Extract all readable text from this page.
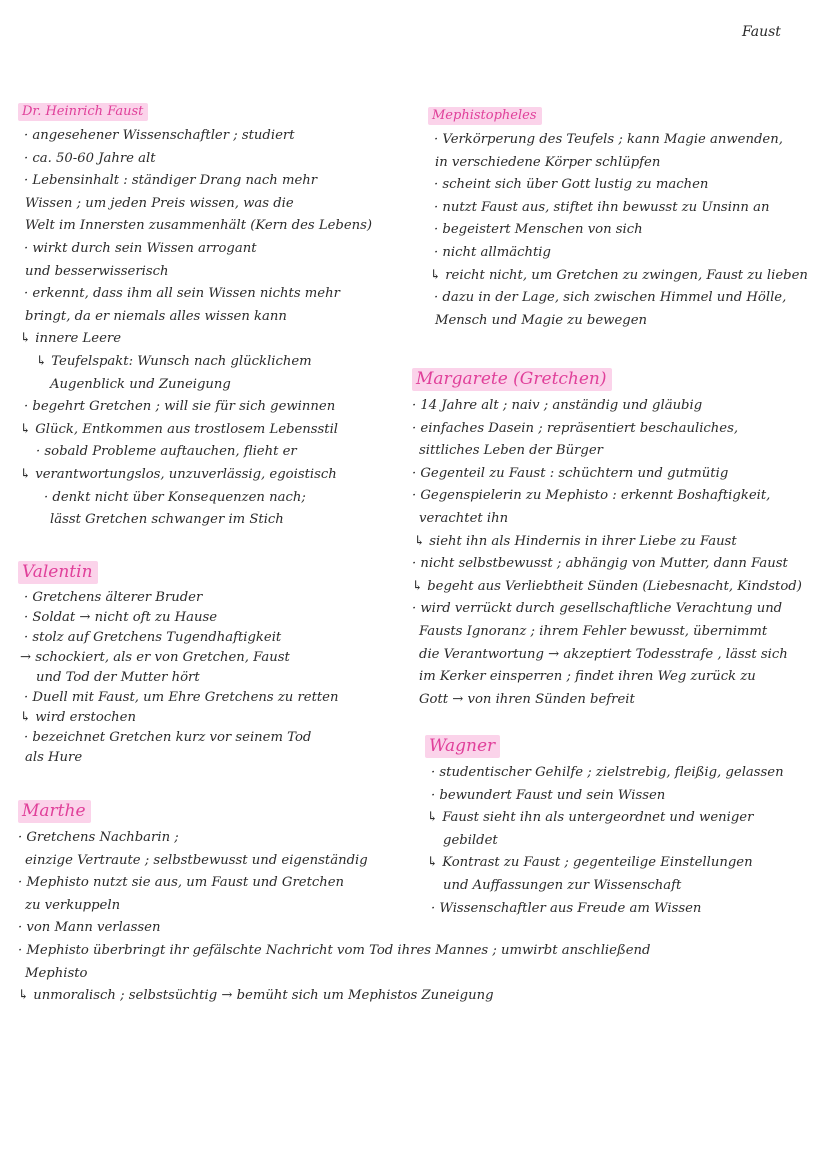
Faust
Dr. Heinrich Faust
· angesehener Wissenschaftler ; studiert
· ca. 50-60 Jahre alt
· Lebensinhalt : ständiger Drang nach mehr
Wissen ; um jeden Preis wissen, was die
Welt im Innersten zusammenhält (Kern des Lebens)
· wirkt durch sein Wissen arrogant
und besserwisserisch
· erkennt, dass ihm all sein Wissen nichts mehr
bringt, da er niemals alles wissen kann
↳ innere Leere
↳ Teufelspakt: Wunsch nach glücklichem
Augenblick und Zuneigung
· begehrt Gretchen ; will sie für sich gewinnen
↳ Glück, Entkommen aus trostlosem Lebensstil
· sobald Probleme auftauchen, flieht er
↳ verantwortungslos, unzuverlässig, egoistisch
· denkt nicht über Konsequenzen nach;
lässt Gretchen schwanger im Stich
Valentin
· Gretchens älterer Bruder
· Soldat → nicht oft zu Hause
· stolz auf Gretchens Tugendhaftigkeit
→ schockiert, als er von Gretchen, Faust
und Tod der Mutter hört
· Duell mit Faust, um Ehre Gretchens zu retten
↳ wird erstochen
· bezeichnet Gretchen kurz vor seinem Tod
als Hure
Marthe
· Gretchens Nachbarin ;
einzige Vertraute ; selbstbewusst und eigenständig
· Mephisto nutzt sie aus, um Faust und Gretchen
zu verkuppeln
· von Mann verlassen
· Mephisto überbringt ihr gefälschte Nachricht vom Tod ihres Mannes ; umwirbt anschließend
Mephisto
↳ unmoralisch ; selbstsüchtig → bemüht sich um Mephistos Zuneigung
Mephistopheles
· Verkörperung des Teufels ; kann Magie anwenden,
in verschiedene Körper schlüpfen
· scheint sich über Gott lustig zu machen
· nutzt Faust aus, stiftet ihn bewusst zu Unsinn an
· begeistert Menschen von sich
· nicht allmächtig
↳ reicht nicht, um Gretchen zu zwingen, Faust zu lieben
· dazu in der Lage, sich zwischen Himmel und Hölle,
Mensch und Magie zu bewegen
Margarete (Gretchen)
· 14 Jahre alt ; naiv ; anständig und gläubig
· einfaches Dasein ; repräsentiert beschauliches,
sittliches Leben der Bürger
· Gegenteil zu Faust : schüchtern und gutmütig
· Gegenspielerin zu Mephisto : erkennt Boshaftigkeit,
verachtet ihn
↳ sieht ihn als Hindernis in ihrer Liebe zu Faust
· nicht selbstbewusst ; abhängig von Mutter, dann Faust
↳ begeht aus Verliebtheit Sünden (Liebesnacht, Kindstod)
· wird verrückt durch gesellschaftliche Verachtung und
Fausts Ignoranz ; ihrem Fehler bewusst, übernimmt
die Verantwortung → akzeptiert Todesstrafe , lässt sich
im Kerker einsperren ; findet ihren Weg zurück zu
Gott → von ihren Sünden befreit
Wagner
· studentischer Gehilfe ; zielstrebig, fleißig, gelassen
· bewundert Faust und sein Wissen
↳ Faust sieht ihn als untergeordnet und weniger
gebildet
↳ Kontrast zu Faust ; gegenteilige Einstellungen
und Auffassungen zur Wissenschaft
· Wissenschaftler aus Freude am Wissen
